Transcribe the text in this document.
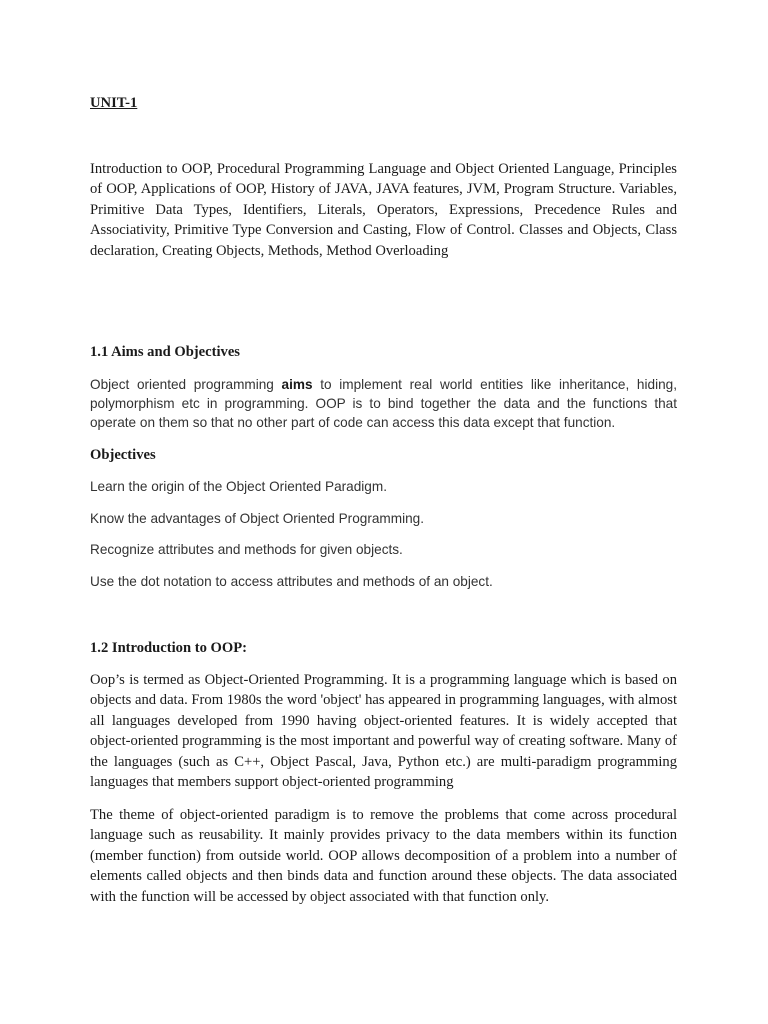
UNIT-1

Introduction to OOP, Procedural Programming Language and Object Oriented Language, Principles of OOP, Applications of OOP, History of JAVA, JAVA features, JVM, Program Structure. Variables, Primitive Data Types, Identifiers, Literals, Operators, Expressions, Precedence Rules and Associativity, Primitive Type Conversion and Casting, Flow of Control. Classes and Objects, Class declaration, Creating Objects, Methods, Method Overloading

1.1 Aims and Objectives

Object oriented programming aims to implement real world entities like inheritance, hiding, polymorphism etc in programming. OOP is to bind together the data and the functions that operate on them so that no other part of code can access this data except that function.

Objectives

Learn the origin of the Object Oriented Paradigm.

Know the advantages of Object Oriented Programming.

Recognize attributes and methods for given objects.

Use the dot notation to access attributes and methods of an object.

1.2 Introduction to OOP:

Oop’s is termed as Object-Oriented Programming. It is a programming language which is based on objects and data. From 1980s the word 'object' has appeared in programming languages, with almost all languages developed from 1990 having object-oriented features. It is widely accepted that object-oriented programming is the most important and powerful way of creating software. Many of the languages (such as C++, Object Pascal, Java, Python etc.) are multi-paradigm programming languages that members support object-oriented programming

The theme of object-oriented paradigm is to remove the problems that come across procedural language such as reusability. It mainly provides privacy to the data members within its function (member function) from outside world. OOP allows decomposition of a problem into a number of elements called objects and then binds data and function around these objects. The data associated with the function will be accessed by object associated with that function only.
